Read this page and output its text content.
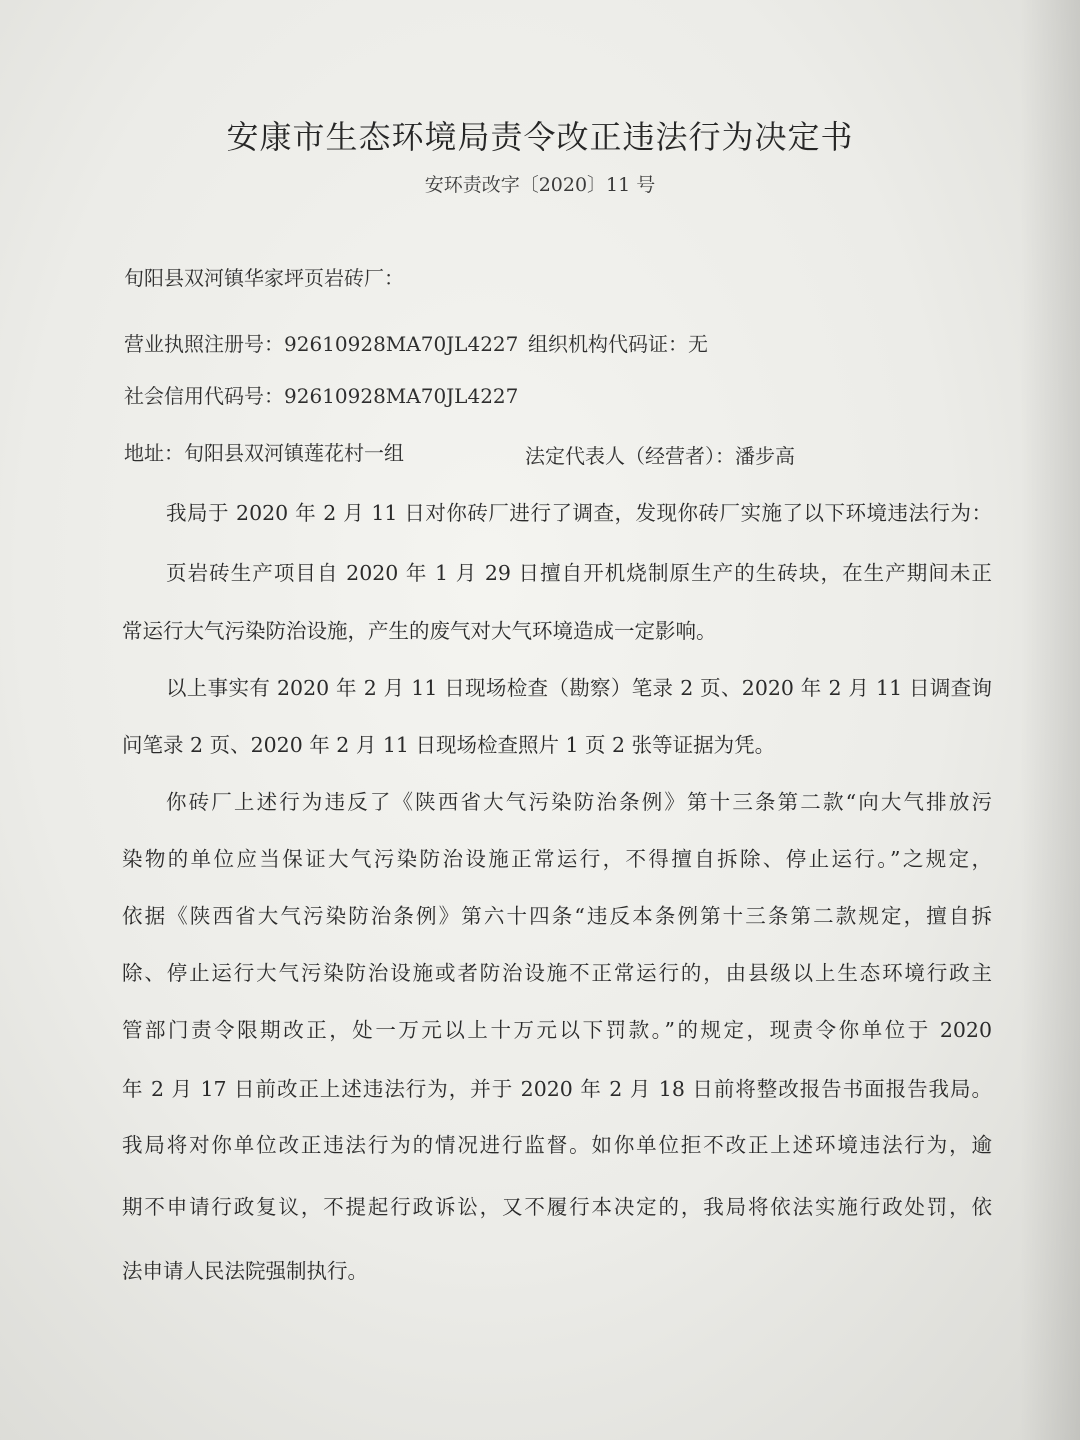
安康市生态环境局责令改正违法行为决定书
安环责改字〔2020〕11 号
旬阳县双河镇华家坪页岩砖厂：
营业执照注册号：92610928MA70JL4227 组织机构代码证：无
社会信用代码号：92610928MA70JL4227
地址：旬阳县双河镇莲花村一组	法定代表人（经营者）：潘步高
我局于 2020 年 2 月 11 日对你砖厂进行了调查，发现你砖厂实施了以下环境违法行为：
页岩砖生产项目自 2020 年 1 月 29 日擅自开机烧制原生产的生砖块，在生产期间未正
常运行大气污染防治设施，产生的废气对大气环境造成一定影响。
以上事实有 2020 年 2 月 11 日现场检查（勘察）笔录 2 页、2020 年 2 月 11 日调查询
问笔录 2 页、2020 年 2 月 11 日现场检查照片 1 页 2 张等证据为凭。
你砖厂上述行为违反了《陕西省大气污染防治条例》第十三条第二款“向大气排放污
染物的单位应当保证大气污染防治设施正常运行，不得擅自拆除、停止运行。”之规定，
依据《陕西省大气污染防治条例》第六十四条“违反本条例第十三条第二款规定，擅自拆
除、停止运行大气污染防治设施或者防治设施不正常运行的，由县级以上生态环境行政主
管部门责令限期改正，处一万元以上十万元以下罚款。”的规定，现责令你单位于 2020
年 2 月 17 日前改正上述违法行为，并于 2020 年 2 月 18 日前将整改报告书面报告我局。
我局将对你单位改正违法行为的情况进行监督。如你单位拒不改正上述环境违法行为，逾
期不申请行政复议，不提起行政诉讼，又不履行本决定的，我局将依法实施行政处罚，依
法申请人民法院强制执行。
